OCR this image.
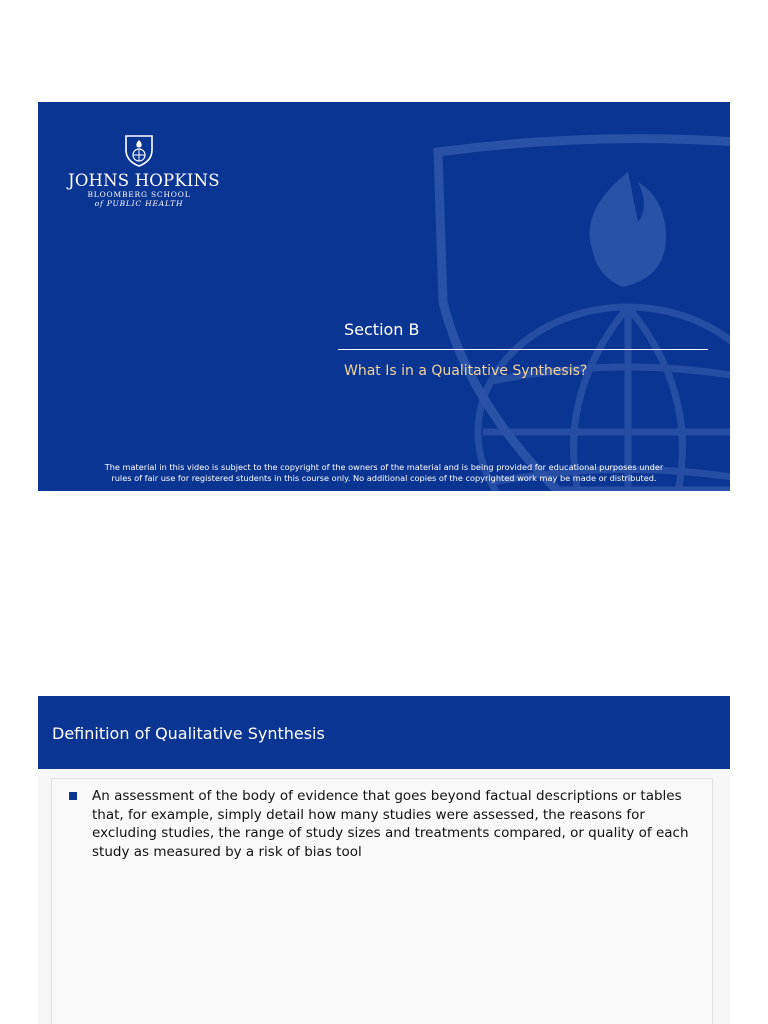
JOHNS HOPKINS
BLOOMBERG SCHOOL
of PUBLIC HEALTH
Section B
What Is in a Qualitative Synthesis?
The material in this video is subject to the copyright of the owners of the material and is being provided for educational purposes under
rules of fair use for registered students in this course only. No additional copies of the copyrighted work may be made or distributed.
Definition of Qualitative Synthesis
An assessment of the body of evidence that goes beyond factual descriptions or tables that, for example, simply detail how many studies were assessed, the reasons for excluding studies, the range of study sizes and treatments compared, or quality of each study as measured by a risk of bias tool
